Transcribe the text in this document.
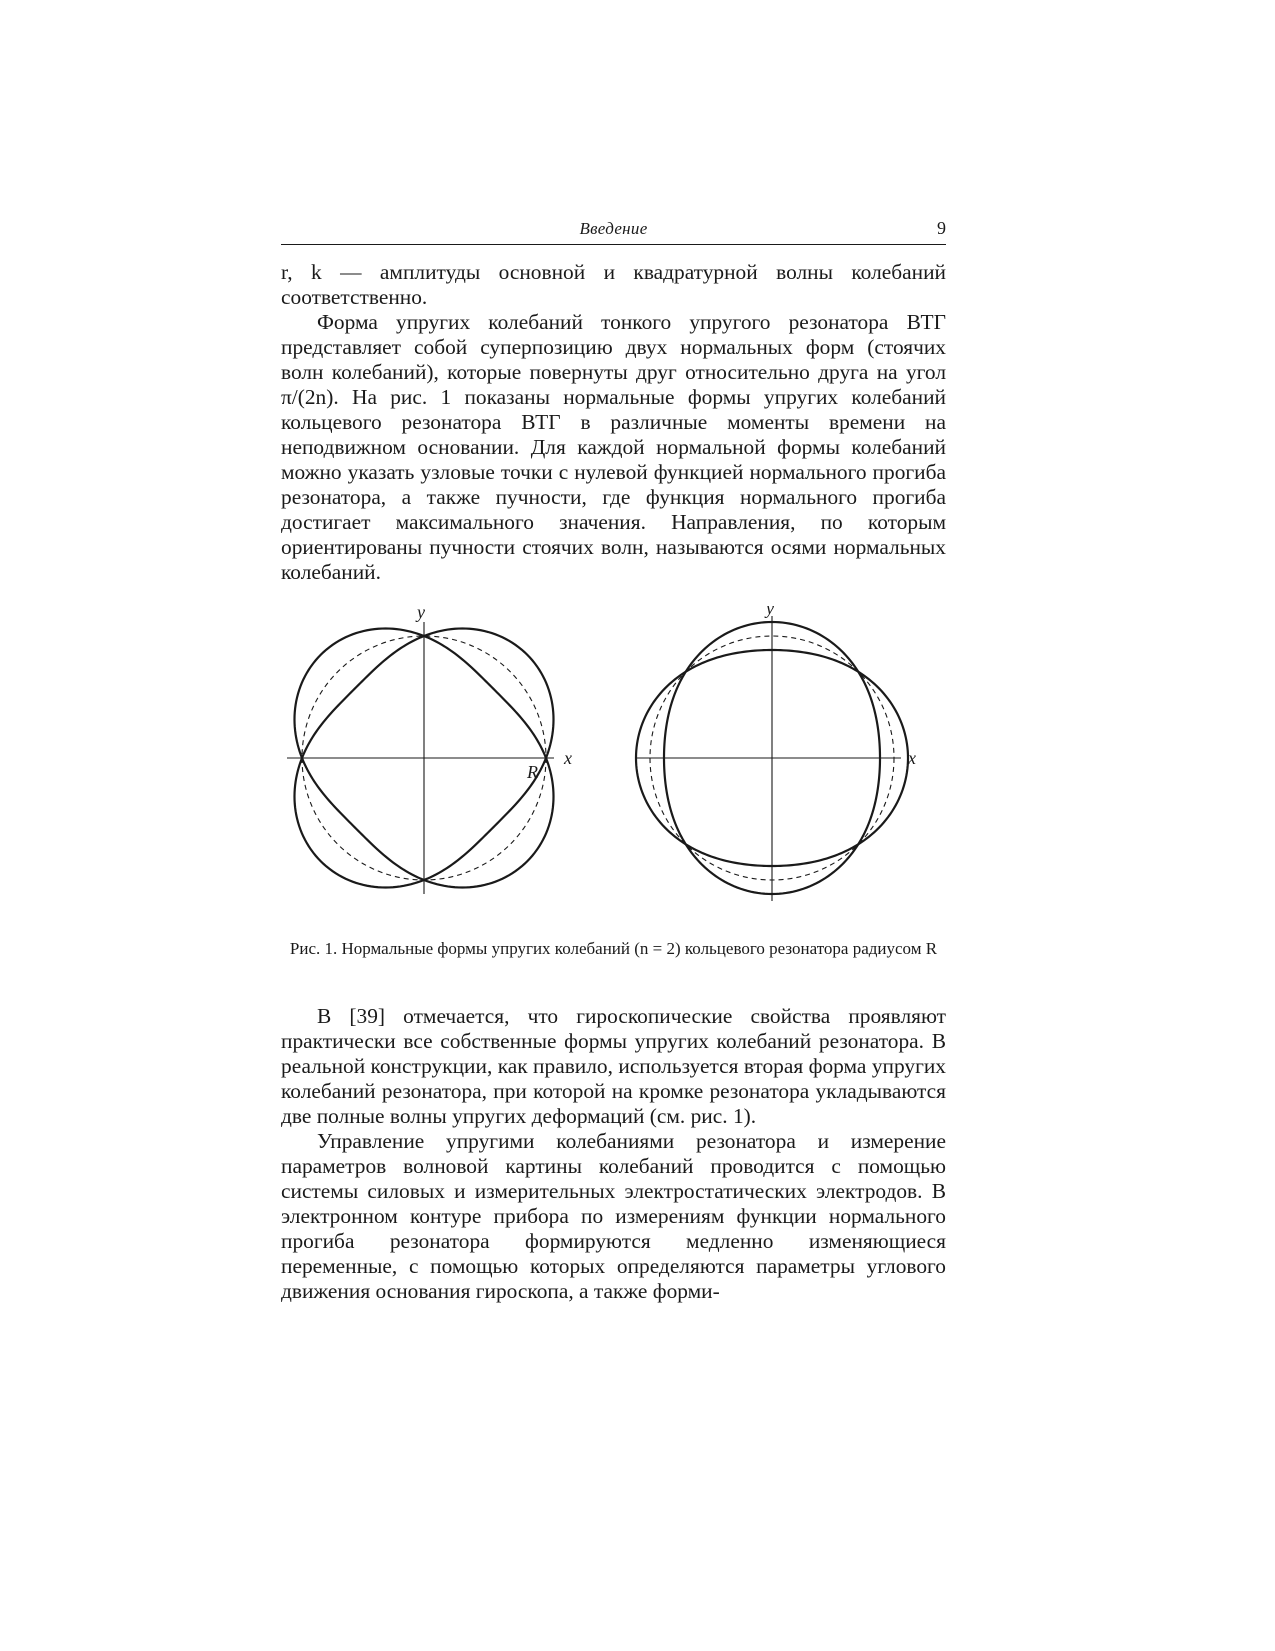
Введение	9

r, k — амплитуды основной и квадратурной волны колебаний соответственно.

Форма упругих колебаний тонкого упругого резонатора ВТГ представляет собой суперпозицию двух нормальных форм (стоячих волн колебаний), которые повернуты друг относительно друга на угол π/(2n). На рис. 1 показаны нормальные формы упругих колебаний кольцевого резонатора ВТГ в различные моменты времени на неподвижном основании. Для каждой нормальной формы колебаний можно указать узловые точки с нулевой функцией нормального прогиба резонатора, а также пучности, где функция нормального прогиба достигает максимального значения. Направления, по которым ориентированы пучности стоячих волн, называются осями нормальных колебаний.

y
x
R
y
x
Рис. 1. Нормальные формы упругих колебаний (n = 2) кольцевого резонатора радиусом R

В [39] отмечается, что гироскопические свойства проявляют практически все собственные формы упругих колебаний резонатора. В реальной конструкции, как правило, используется вторая форма упругих колебаний резонатора, при которой на кромке резонатора укладываются две полные волны упругих деформаций (см. рис. 1).

Управление упругими колебаниями резонатора и измерение параметров волновой картины колебаний проводится с помощью системы силовых и измерительных электростатических электродов. В электронном контуре прибора по измерениям функции нормального прогиба резонатора формируются медленно изменяющиеся переменные, с помощью которых определяются параметры углового движения основания гироскопа, а также форми-
